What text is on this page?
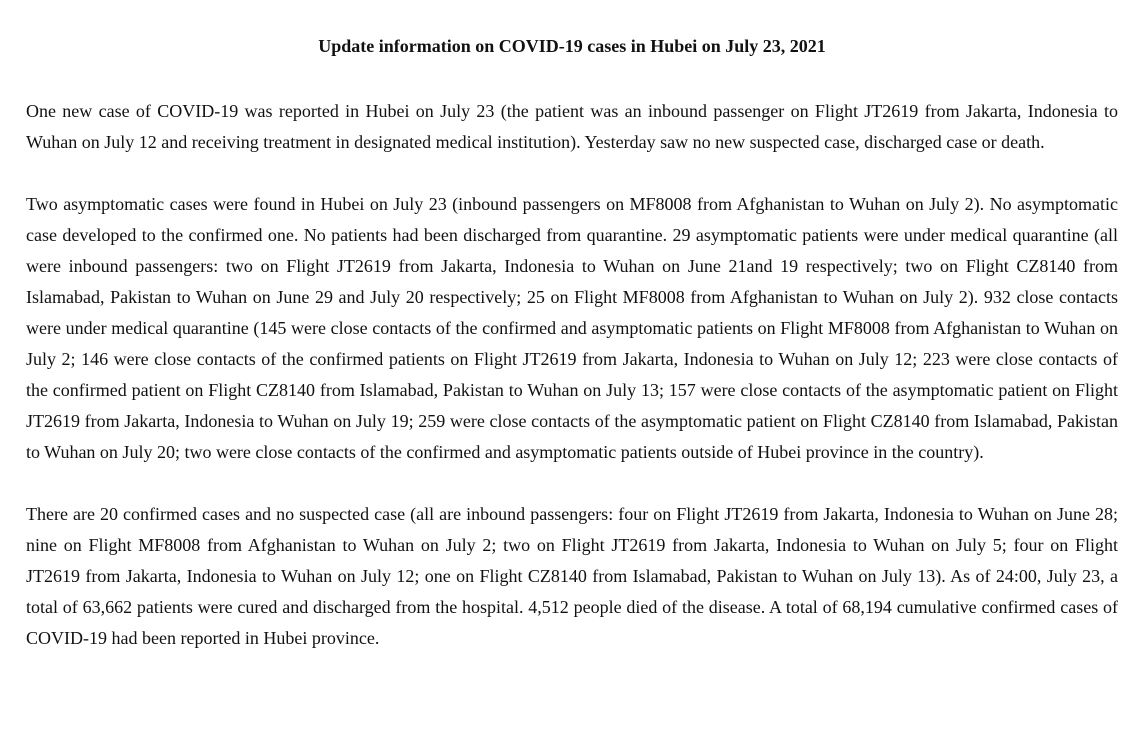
Update information on COVID-19 cases in Hubei on July 23, 2021

One new case of COVID-19 was reported in Hubei on July 23 (the patient was an inbound passenger on Flight JT2619 from Jakarta, Indonesia to Wuhan on July 12 and receiving treatment in designated medical institution). Yesterday saw no new suspected case, discharged case or death.

Two asymptomatic cases were found in Hubei on July 23 (inbound passengers on MF8008 from Afghanistan to Wuhan on July 2). No asymptomatic case developed to the confirmed one. No patients had been discharged from quarantine. 29 asymptomatic patients were under medical quarantine (all were inbound passengers: two on Flight JT2619 from Jakarta, Indonesia to Wuhan on June 21and 19 respectively; two on Flight CZ8140 from Islamabad, Pakistan to Wuhan on June 29 and July 20 respectively; 25 on Flight MF8008 from Afghanistan to Wuhan on July 2). 932 close contacts were under medical quarantine (145 were close contacts of the confirmed and asymptomatic patients on Flight MF8008 from Afghanistan to Wuhan on July 2; 146 were close contacts of the confirmed patients on Flight JT2619 from Jakarta, Indonesia to Wuhan on July 12; 223 were close contacts of the confirmed patient on Flight CZ8140 from Islamabad, Pakistan to Wuhan on July 13; 157 were close contacts of the asymptomatic patient on Flight JT2619 from Jakarta, Indonesia to Wuhan on July 19; 259 were close contacts of the asymptomatic patient on Flight CZ8140 from Islamabad, Pakistan to Wuhan on July 20; two were close contacts of the confirmed and asymptomatic patients outside of Hubei province in the country).

There are 20 confirmed cases and no suspected case (all are inbound passengers: four on Flight JT2619 from Jakarta, Indonesia to Wuhan on June 28; nine on Flight MF8008 from Afghanistan to Wuhan on July 2; two on Flight JT2619 from Jakarta, Indonesia to Wuhan on July 5; four on Flight JT2619 from Jakarta, Indonesia to Wuhan on July 12; one on Flight CZ8140 from Islamabad, Pakistan to Wuhan on July 13). As of 24:00, July 23, a total of 63,662 patients were cured and discharged from the hospital. 4,512 people died of the disease. A total of 68,194 cumulative confirmed cases of COVID-19 had been reported in Hubei province.
